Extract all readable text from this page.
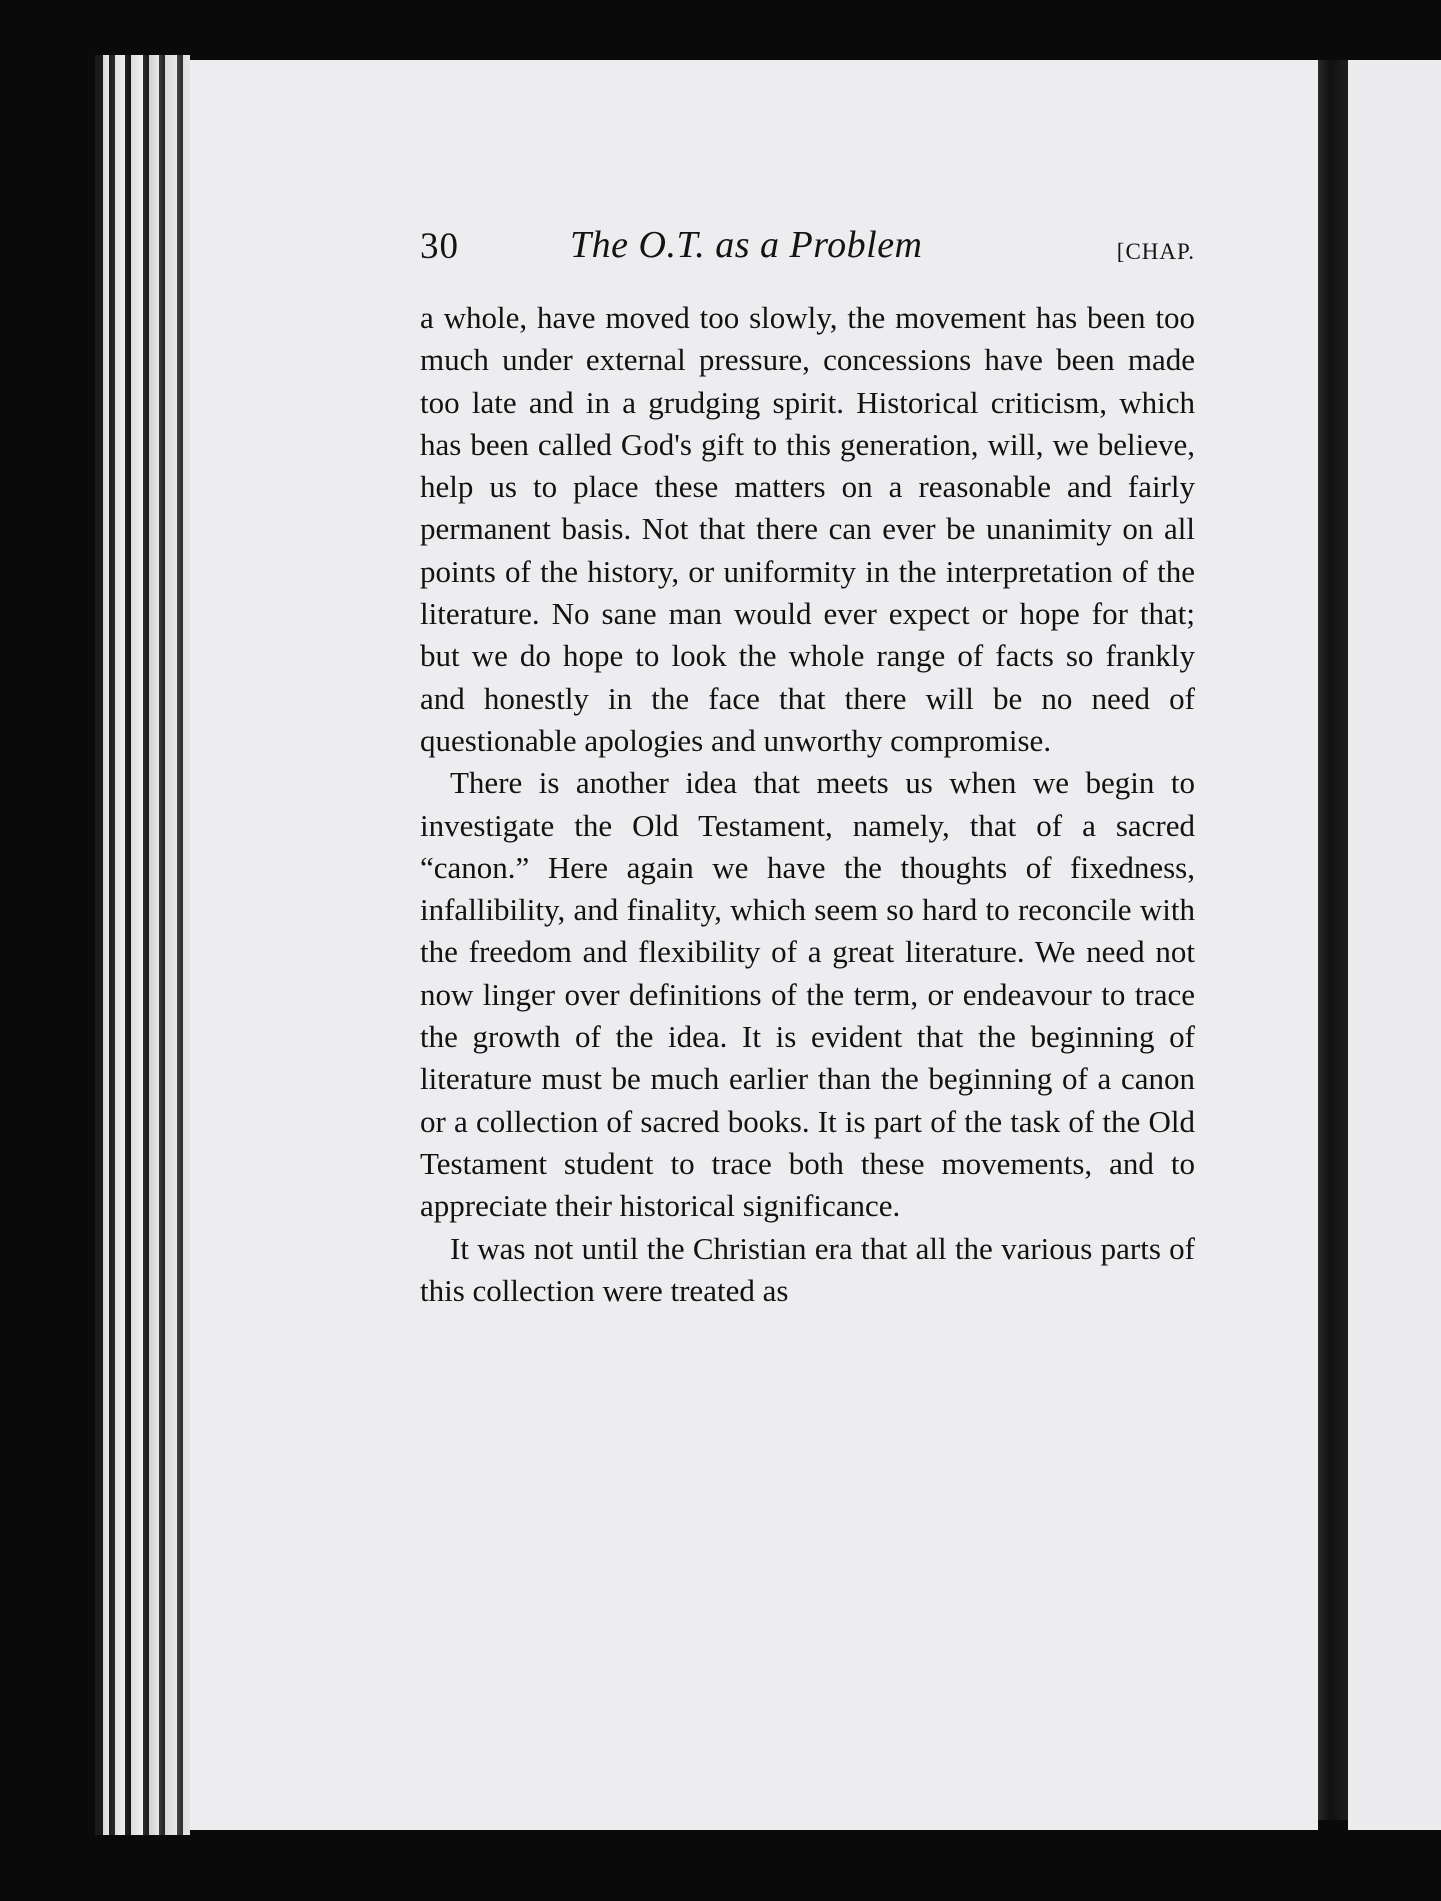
30	The O.T. as a Problem	[CHAP.

a whole, have moved too slowly, the movement has been too much under external pressure, concessions have been made too late and in a grudging spirit. Historical criticism, which has been called God's gift to this generation, will, we believe, help us to place these matters on a reasonable and fairly permanent basis. Not that there can ever be unanimity on all points of the history, or uniformity in the interpretation of the literature. No sane man would ever expect or hope for that; but we do hope to look the whole range of facts so frankly and honestly in the face that there will be no need of questionable apologies and unworthy compromise.

There is another idea that meets us when we begin to investigate the Old Testament, namely, that of a sacred “canon.” Here again we have the thoughts of fixedness, infallibility, and finality, which seem so hard to reconcile with the freedom and flexibility of a great literature. We need not now linger over definitions of the term, or endeavour to trace the growth of the idea. It is evident that the beginning of literature must be much earlier than the beginning of a canon or a collection of sacred books. It is part of the task of the Old Testament student to trace both these movements, and to appreciate their historical significance.

It was not until the Christian era that all the various parts of this collection were treated as
